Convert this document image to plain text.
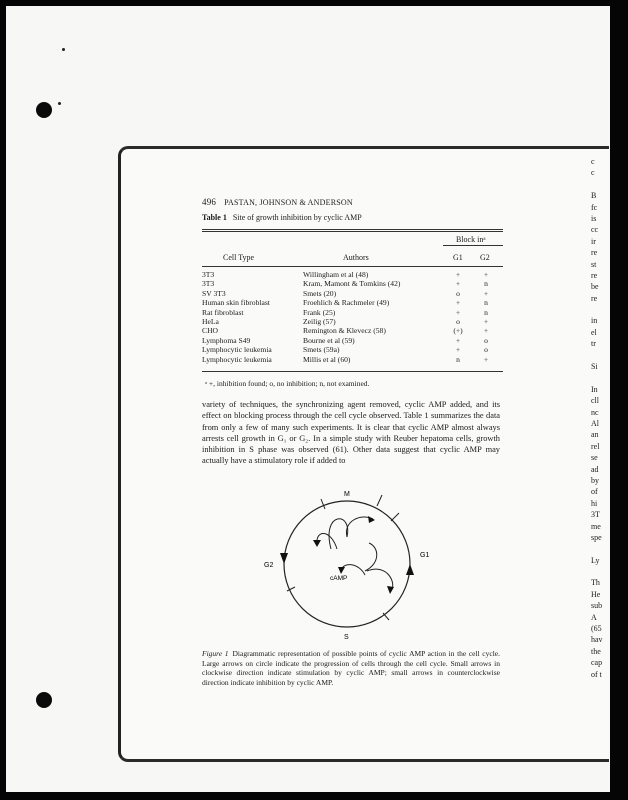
496 PASTAN, JOHNSON & ANDERSON
Table 1 Site of growth inhibition by cyclic AMP
Block inᵃ
Cell Type	Authors	G1 G2
3T3	Willingham et al (48)	+	+
3T3	Kram, Mamont & Tomkins (42)	+	n
SV 3T3	Smets (20)	o	+
Human skin fibroblast	Froehlich & Rachmeler (49)	+	n
Rat fibroblast	Frank (25)	+	n
HeLa	Zeilig (57)	o	+
CHO	Remington & Klevecz (58)	(+)	+
Lymphoma S49	Bourne et al (59)	+	o
Lymphocytic leukemia	Smets (59a)	+	o
Lymphocytic leukemia	Millis et al (60)	n	+
ᵃ +, inhibition found; o, no inhibition; n, not examined.
variety of techniques, the synchronizing agent removed, cyclic AMP added, and its effect on blocking process through the cell cycle observed. Table 1 summarizes the data from only a few of many such experiments. It is clear that cyclic AMP almost always arrests cell growth in G₁ or G₂. In a simple study with Reuber hepatoma cells, growth inhibition in S phase was observed (61). Other data suggest that cyclic AMP may actually have a stimulatory role if added to
M
S
G2
G1
cAMP
Figure 1 Diagrammatic representation of possible points of cyclic AMP action in the cell cycle. Large arrows on circle indicate the progression of cells through the cell cycle. Small arrows in clockwise direction indicate stimulation by cyclic AMP; small arrows in counterclockwise direction indicate inhibition by cyclic AMP.
c
c
B
fc
is
cc
ir
re
st
re
be
re
in
el
tr
Si
In
cll
nc
Al
an
rel
se
ad
by
of
hi
3T
me
spe
Ly
Th
He
sub
A
(65
hav
the
cap
of t
